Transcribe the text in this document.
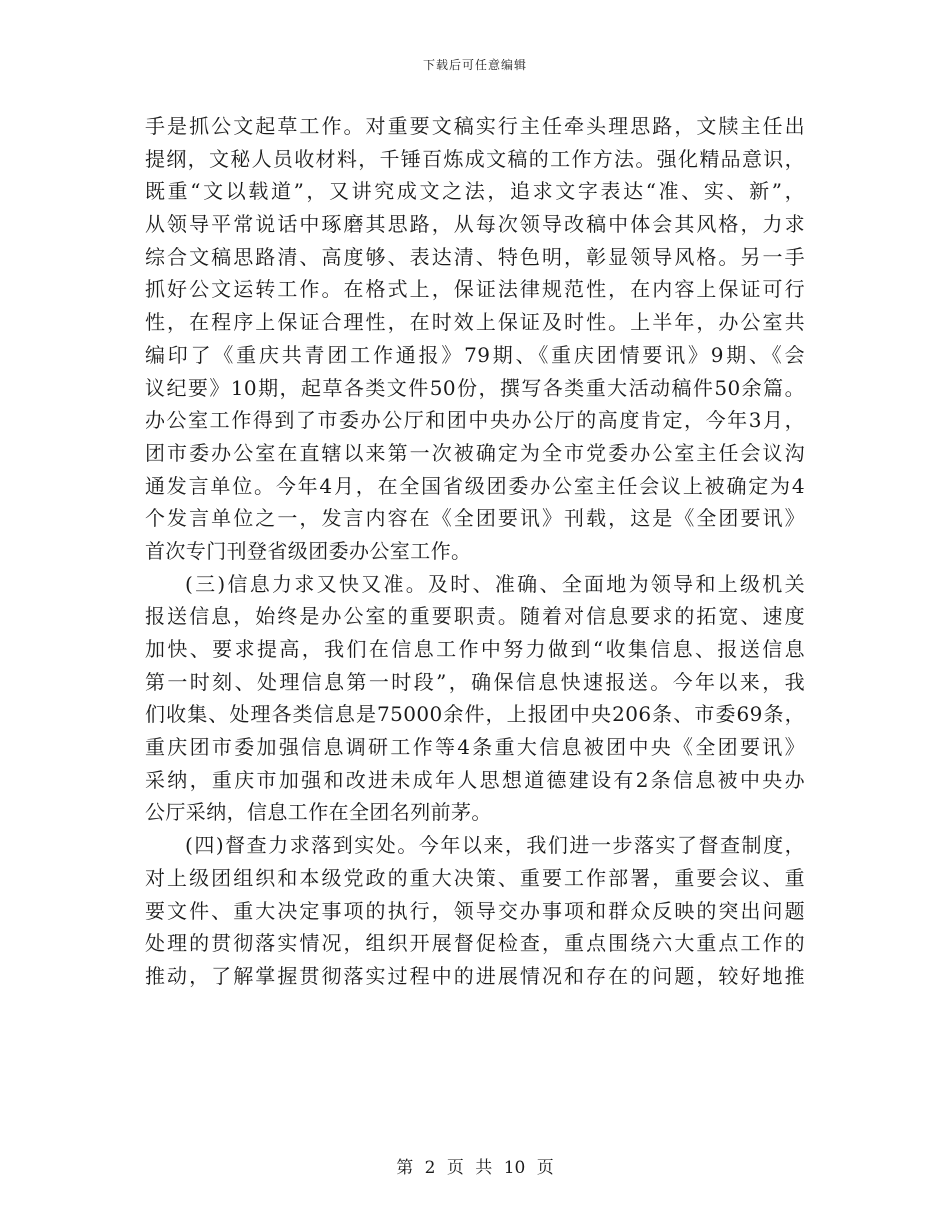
下载后可任意编辑
手是抓公文起草工作。对重要文稿实行主任牵头理思路，文牍主任出
提纲，文秘人员收材料，千锤百炼成文稿的工作方法。强化精品意识，
既重“文以载道”，又讲究成文之法，追求文字表达“准、实、新”，
从领导平常说话中琢磨其思路，从每次领导改稿中体会其风格，力求
综合文稿思路清、高度够、表达清、特色明，彰显领导风格。另一手
抓好公文运转工作。在格式上，保证法律规范性，在内容上保证可行
性，在程序上保证合理性，在时效上保证及时性。上半年，办公室共
编印了《重庆共青团工作通报》79期、《重庆团情要讯》9期、《会
议纪要》10期，起草各类文件50份，撰写各类重大活动稿件50余篇。
办公室工作得到了市委办公厅和团中央办公厅的高度肯定，今年3月，
团市委办公室在直辖以来第一次被确定为全市党委办公室主任会议沟
通发言单位。今年4月，在全国省级团委办公室主任会议上被确定为4
个发言单位之一，发言内容在《全团要讯》刊载，这是《全团要讯》
首次专门刊登省级团委办公室工作。
(三)信息力求又快又准。及时、准确、全面地为领导和上级机关
报送信息，始终是办公室的重要职责。随着对信息要求的拓宽、速度
加快、要求提高，我们在信息工作中努力做到“收集信息、报送信息
第一时刻、处理信息第一时段”，确保信息快速报送。今年以来，我
们收集、处理各类信息是75000余件，上报团中央206条、市委69条，
重庆团市委加强信息调研工作等4条重大信息被团中央《全团要讯》
采纳，重庆市加强和改进未成年人思想道德建设有2条信息被中央办
公厅采纳，信息工作在全团名列前茅。
(四)督查力求落到实处。今年以来，我们进一步落实了督查制度，
对上级团组织和本级党政的重大决策、重要工作部署，重要会议、重
要文件、重大决定事项的执行，领导交办事项和群众反映的突出问题
处理的贯彻落实情况，组织开展督促检查，重点围绕六大重点工作的
推动，了解掌握贯彻落实过程中的进展情况和存在的问题，较好地推
第 2 页 共 10 页
